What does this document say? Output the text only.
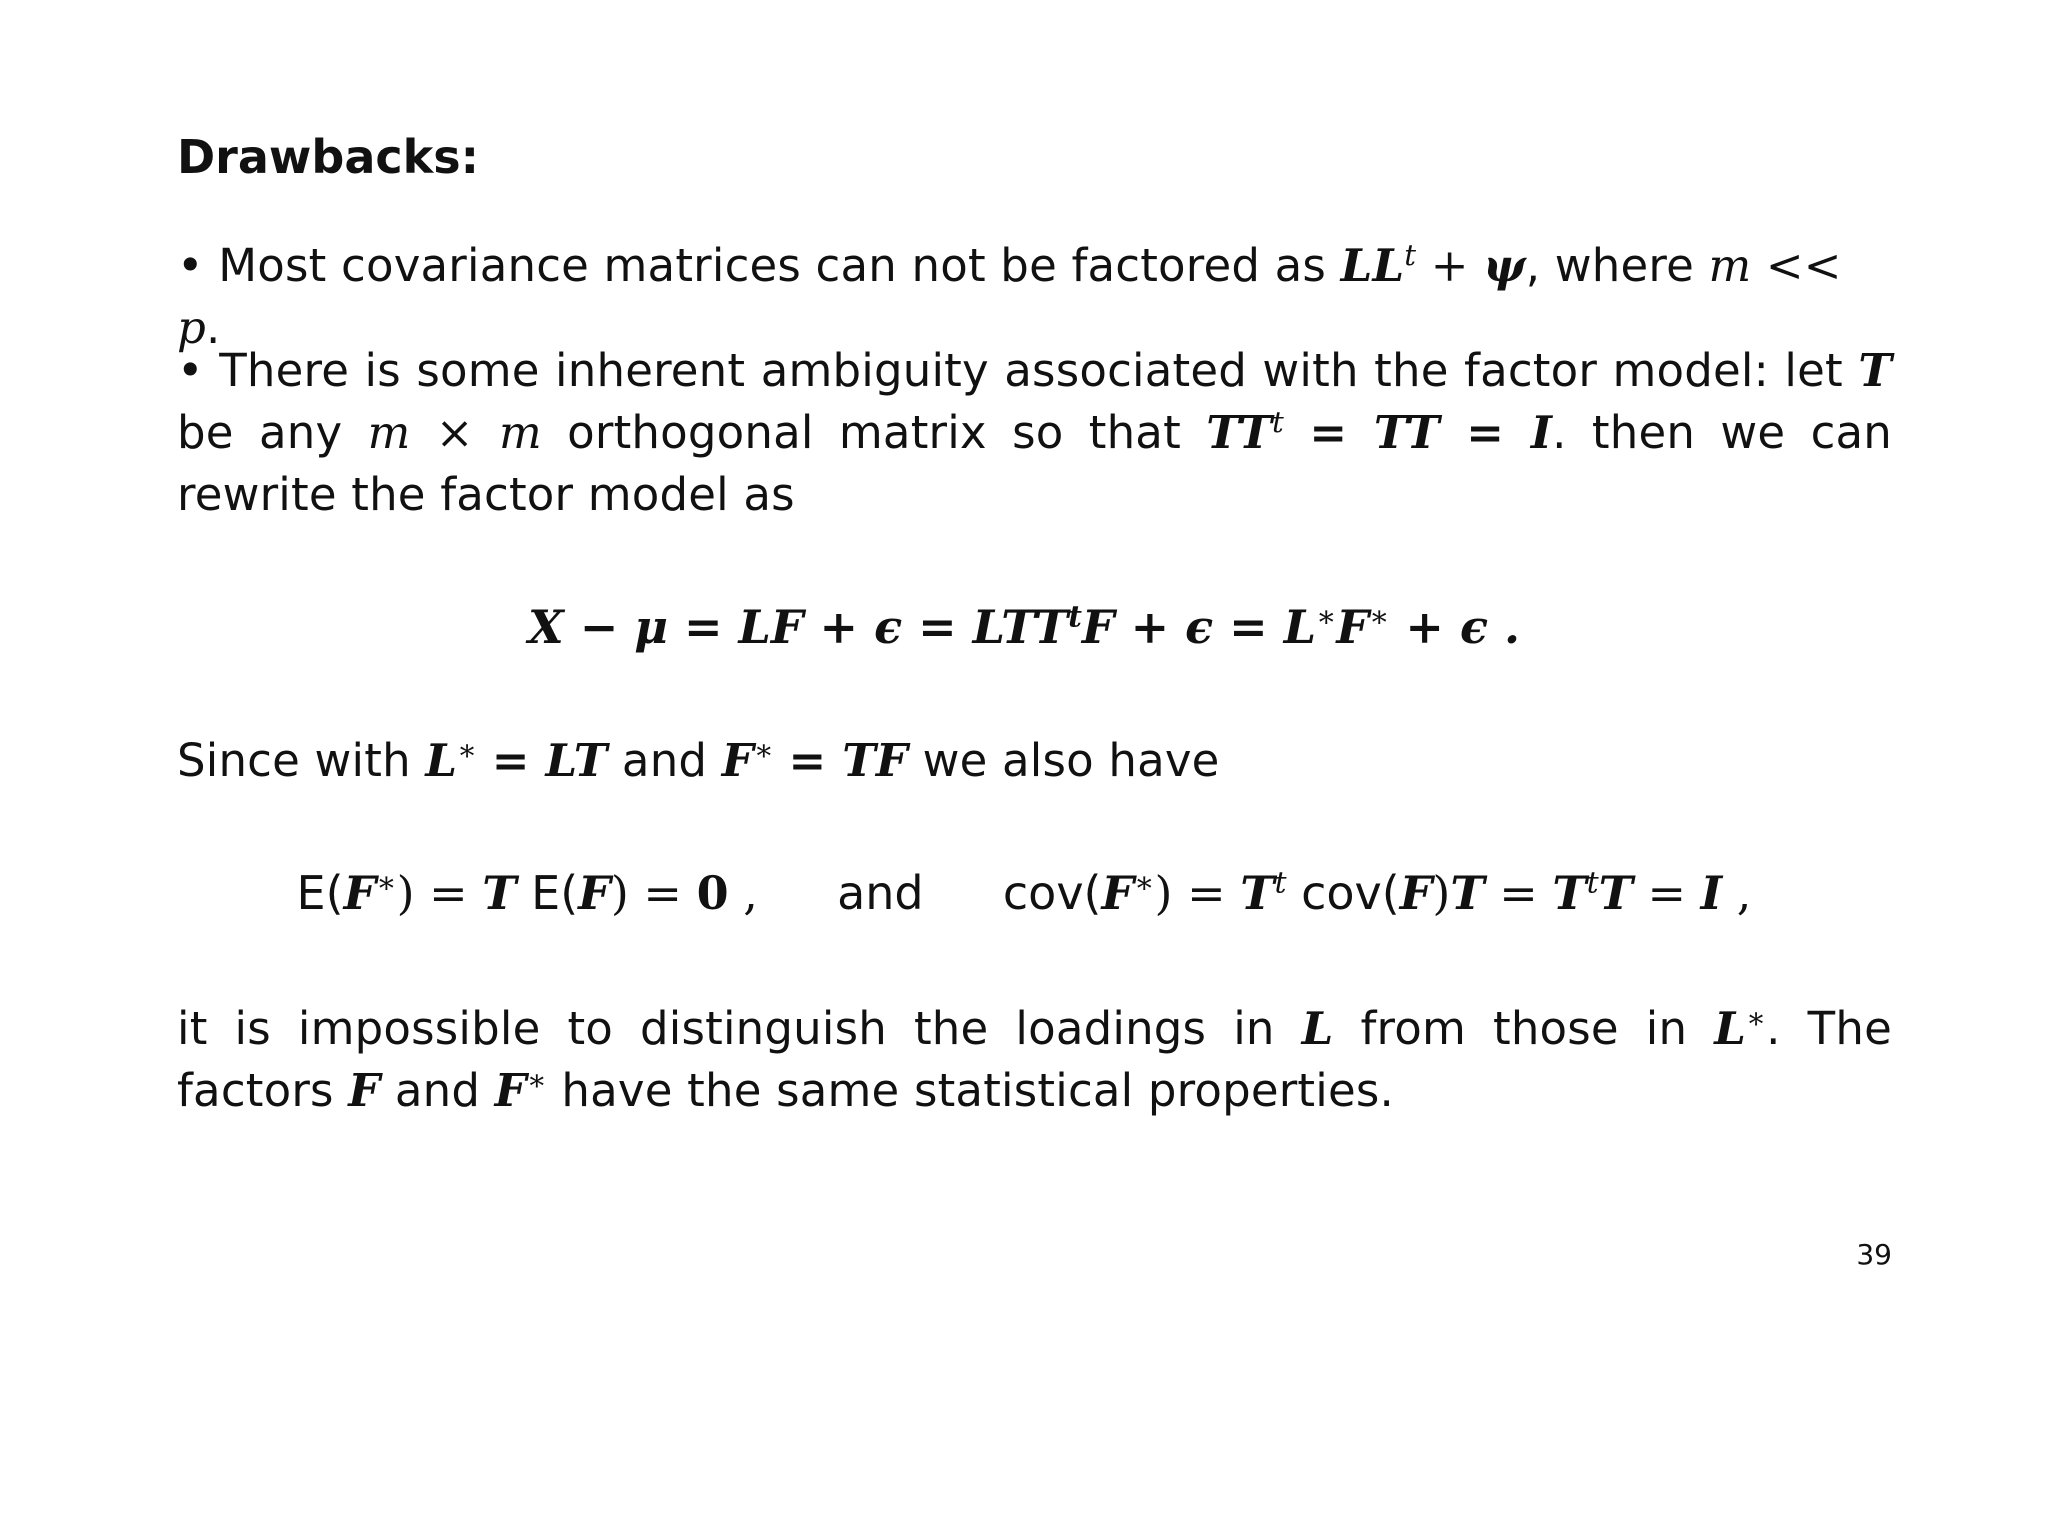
Drawbacks:
• Most covariance matrices can not be factored as $LL^t + \psi$, where m << p.
• There is some inherent ambiguity associated with the factor model: let T be any m × m orthogonal matrix so that $TT^t$ = TT = I. then we can rewrite the factor model as
X − μ = LF + $\epsilon = LTT^tF + \epsilon = L^∗F^∗ + \epsilon$ .
Since with L∗ = LT and F∗ = TF we also have
E(F∗) = T E(F) = 0 , and $cov(F^∗) = T^t$ $cov(F)T = T^tT = I$ ,
it is impossible to distinguish the loadings in L from those in L∗. The factors F and F∗ have the same statistical properties.
39
